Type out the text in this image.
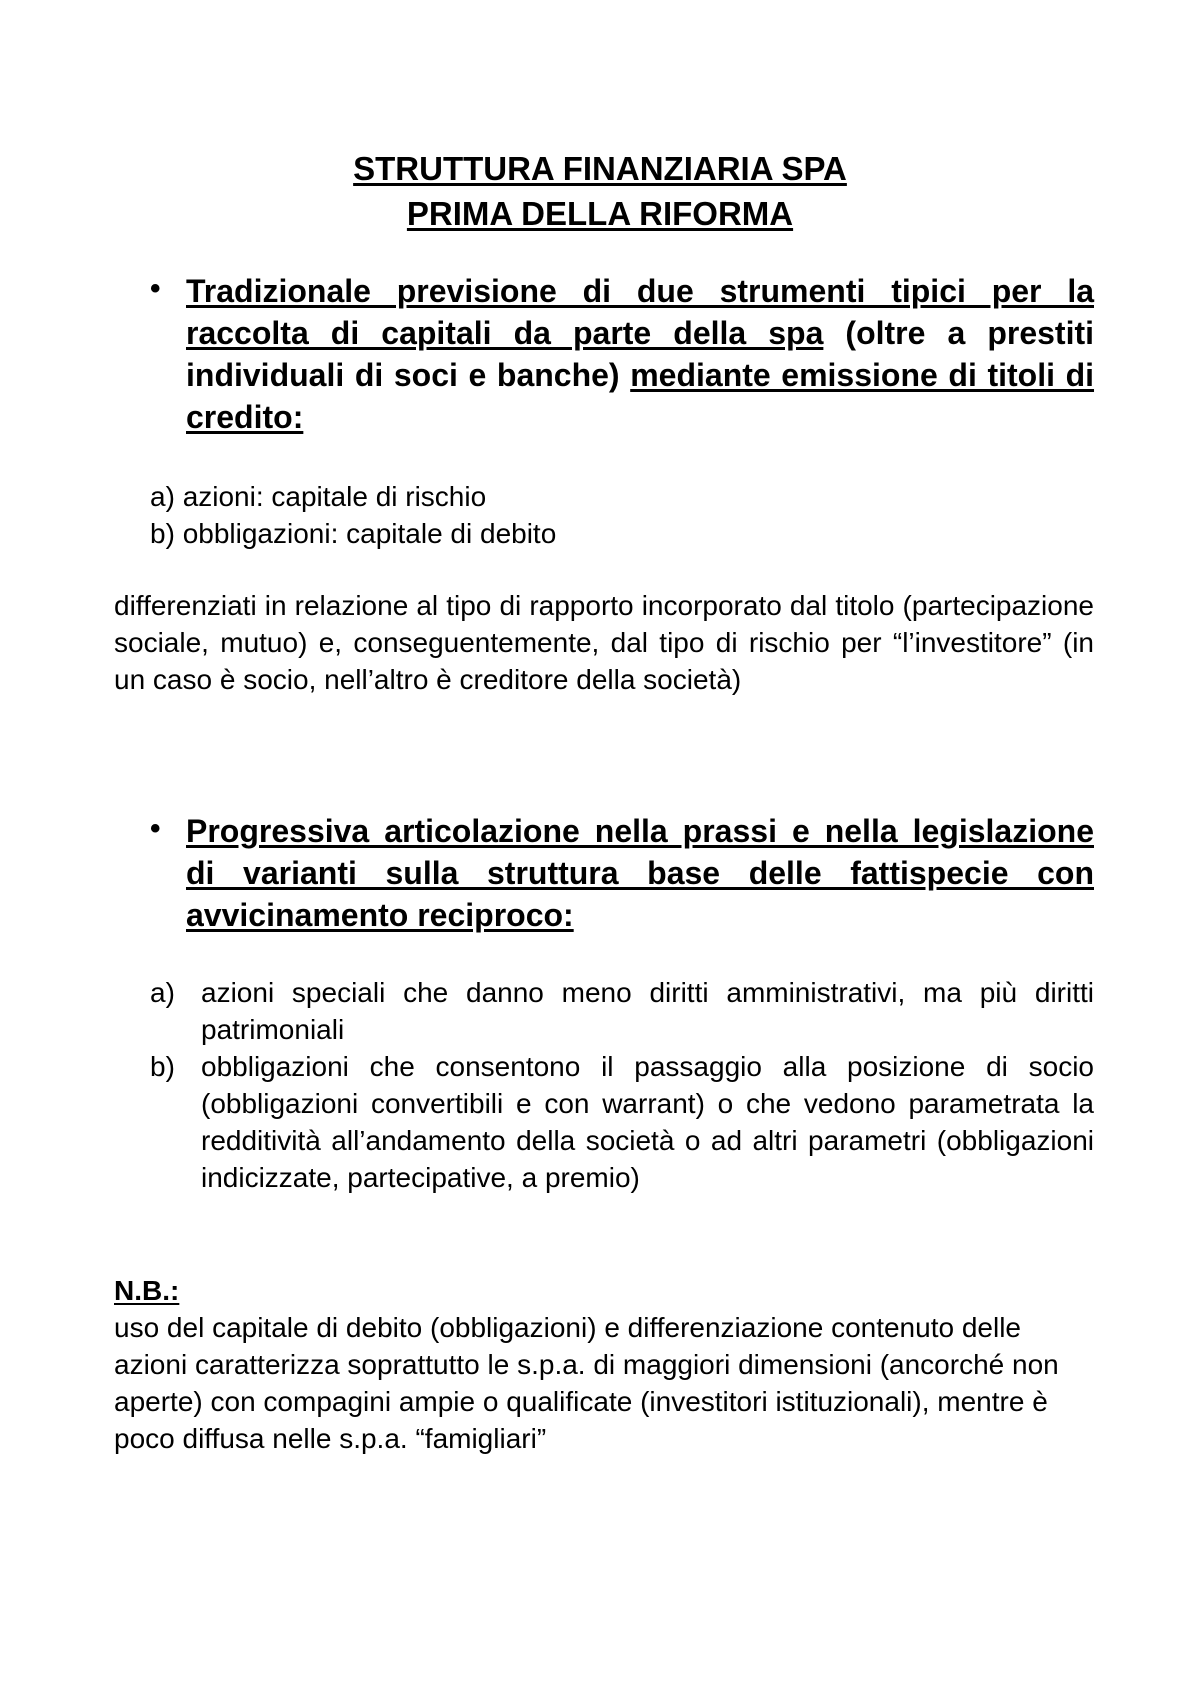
STRUTTURA FINANZIARIA SPA
PRIMA DELLA RIFORMA
• Tradizionale previsione di due strumenti tipici per la raccolta di capitali da parte della spa (oltre a prestiti individuali di soci e banche) mediante emissione di titoli di credito:
a) azioni: capitale di rischio
b) obbligazioni: capitale di debito
differenziati in relazione al tipo di rapporto incorporato dal titolo (partecipazione sociale, mutuo) e, conseguentemente, dal tipo di rischio per “l’investitore” (in un caso è socio, nell’altro è creditore della società)
• Progressiva articolazione nella prassi e nella legislazione di varianti sulla struttura base delle fattispecie con avvicinamento reciproco:
a) azioni speciali che danno meno diritti amministrativi, ma più diritti patrimoniali
b) obbligazioni che consentono il passaggio alla posizione di socio (obbligazioni convertibili e con warrant) o che vedono parametrata la redditività all’andamento della società o ad altri parametri (obbligazioni indicizzate, partecipative, a premio)
N.B.:
uso del capitale di debito (obbligazioni) e differenziazione contenuto delle azioni caratterizza soprattutto le s.p.a. di maggiori dimensioni (ancorché non aperte) con compagini ampie o qualificate (investitori istituzionali), mentre è poco diffusa nelle s.p.a. “famigliari”
